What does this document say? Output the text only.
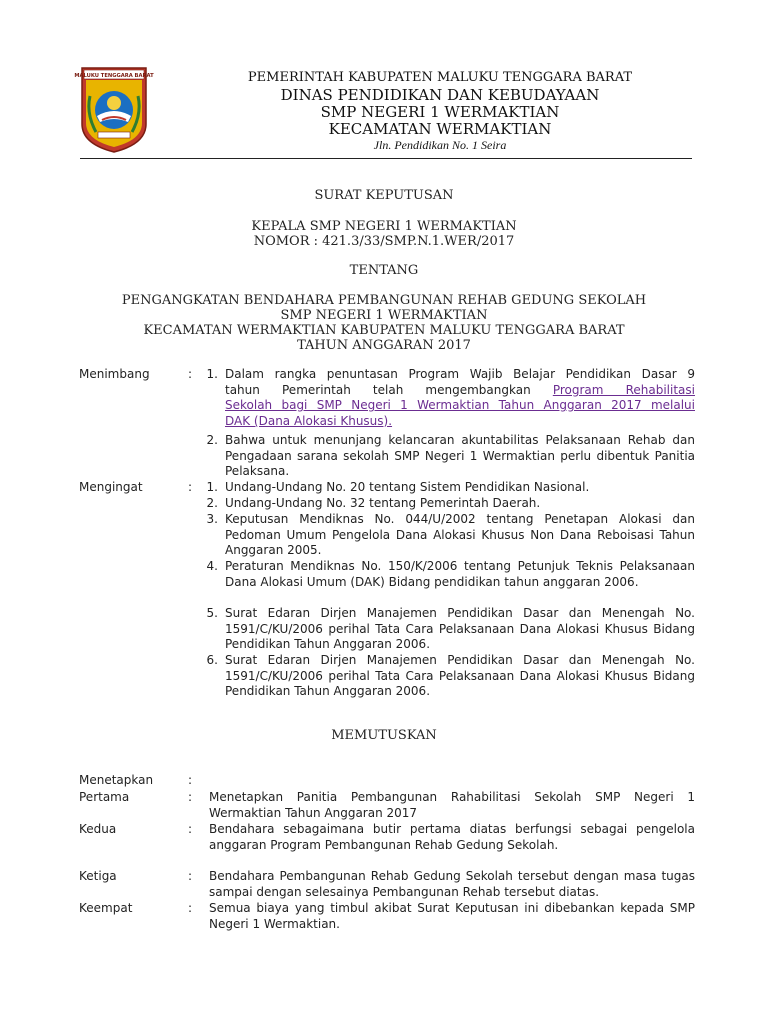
MALUKU TENGGARA BARAT	PEMERINTAH KABUPATEN MALUKU TENGGARA BARAT
DINAS PENDIDIKAN DAN KEBUDAYAAN
SMP NEGERI 1 WERMAKTIAN
KECAMATAN WERMAKTIAN
Jln. Pendidikan No. 1 Seira
SURAT KEPUTUSAN
KEPALA SMP NEGERI 1 WERMAKTIAN
NOMOR : 421.3/33/SMP.N.1.WER/2017
TENTANG
PENGANGKATAN BENDAHARA PEMBANGUNAN REHAB GEDUNG SEKOLAH
SMP NEGERI 1 WERMAKTIAN
KECAMATAN WERMAKTIAN KABUPATEN MALUKU TENGGARA BARAT
TAHUN ANGGARAN 2017
Menimbang	:	1. Dalam rangka penuntasan Program Wajib Belajar Pendidikan Dasar 9
tahun Pemerintah telah mengembangkan Program Rehabilitasi
Sekolah bagi SMP Negeri 1 Wermaktian Tahun Anggaran 2017 melalui
DAK (Dana Alokasi Khusus).
2. Bahwa untuk menunjang kelancaran akuntabilitas Pelaksanaan Rehab dan Pengadaan sarana sekolah SMP Negeri 1 Wermaktian perlu dibentuk Panitia Pelaksana.
Mengingat	:	1. Undang-Undang No. 20 tentang Sistem Pendidikan Nasional.
2. Undang-Undang No. 32 tentang Pemerintah Daerah.
3. Keputusan Mendiknas No. 044/U/2002 tentang Penetapan Alokasi dan Pedoman Umum Pengelola Dana Alokasi Khusus Non Dana Reboisasi Tahun Anggaran 2005.
4. Peraturan Mendiknas No. 150/K/2006 tentang Petunjuk Teknis Pelaksanaan Dana Alokasi Umum (DAK) Bidang pendidikan tahun anggaran 2006.
5. Surat Edaran Dirjen Manajemen Pendidikan Dasar dan Menengah No. 1591/C/KU/2006 perihal Tata Cara Pelaksanaan Dana Alokasi Khusus Bidang Pendidikan Tahun Anggaran 2006.
6. Surat Edaran Dirjen Manajemen Pendidikan Dasar dan Menengah No. 1591/C/KU/2006 perihal Tata Cara Pelaksanaan Dana Alokasi Khusus Bidang Pendidikan Tahun Anggaran 2006.
MEMUTUSKAN
Menetapkan	:
Pertama	: Menetapkan Panitia Pembangunan Rahabilitasi Sekolah SMP Negeri 1 Wermaktian Tahun Anggaran 2017
Kedua	: Bendahara sebagaimana butir pertama diatas berfungsi sebagai pengelola anggaran Program Pembangunan Rehab Gedung Sekolah.
Ketiga	: Bendahara Pembangunan Rehab Gedung Sekolah tersebut dengan masa tugas sampai dengan selesainya Pembangunan Rehab tersebut diatas.
Keempat	: Semua biaya yang timbul akibat Surat Keputusan ini dibebankan kepada SMP Negeri 1 Wermaktian.
